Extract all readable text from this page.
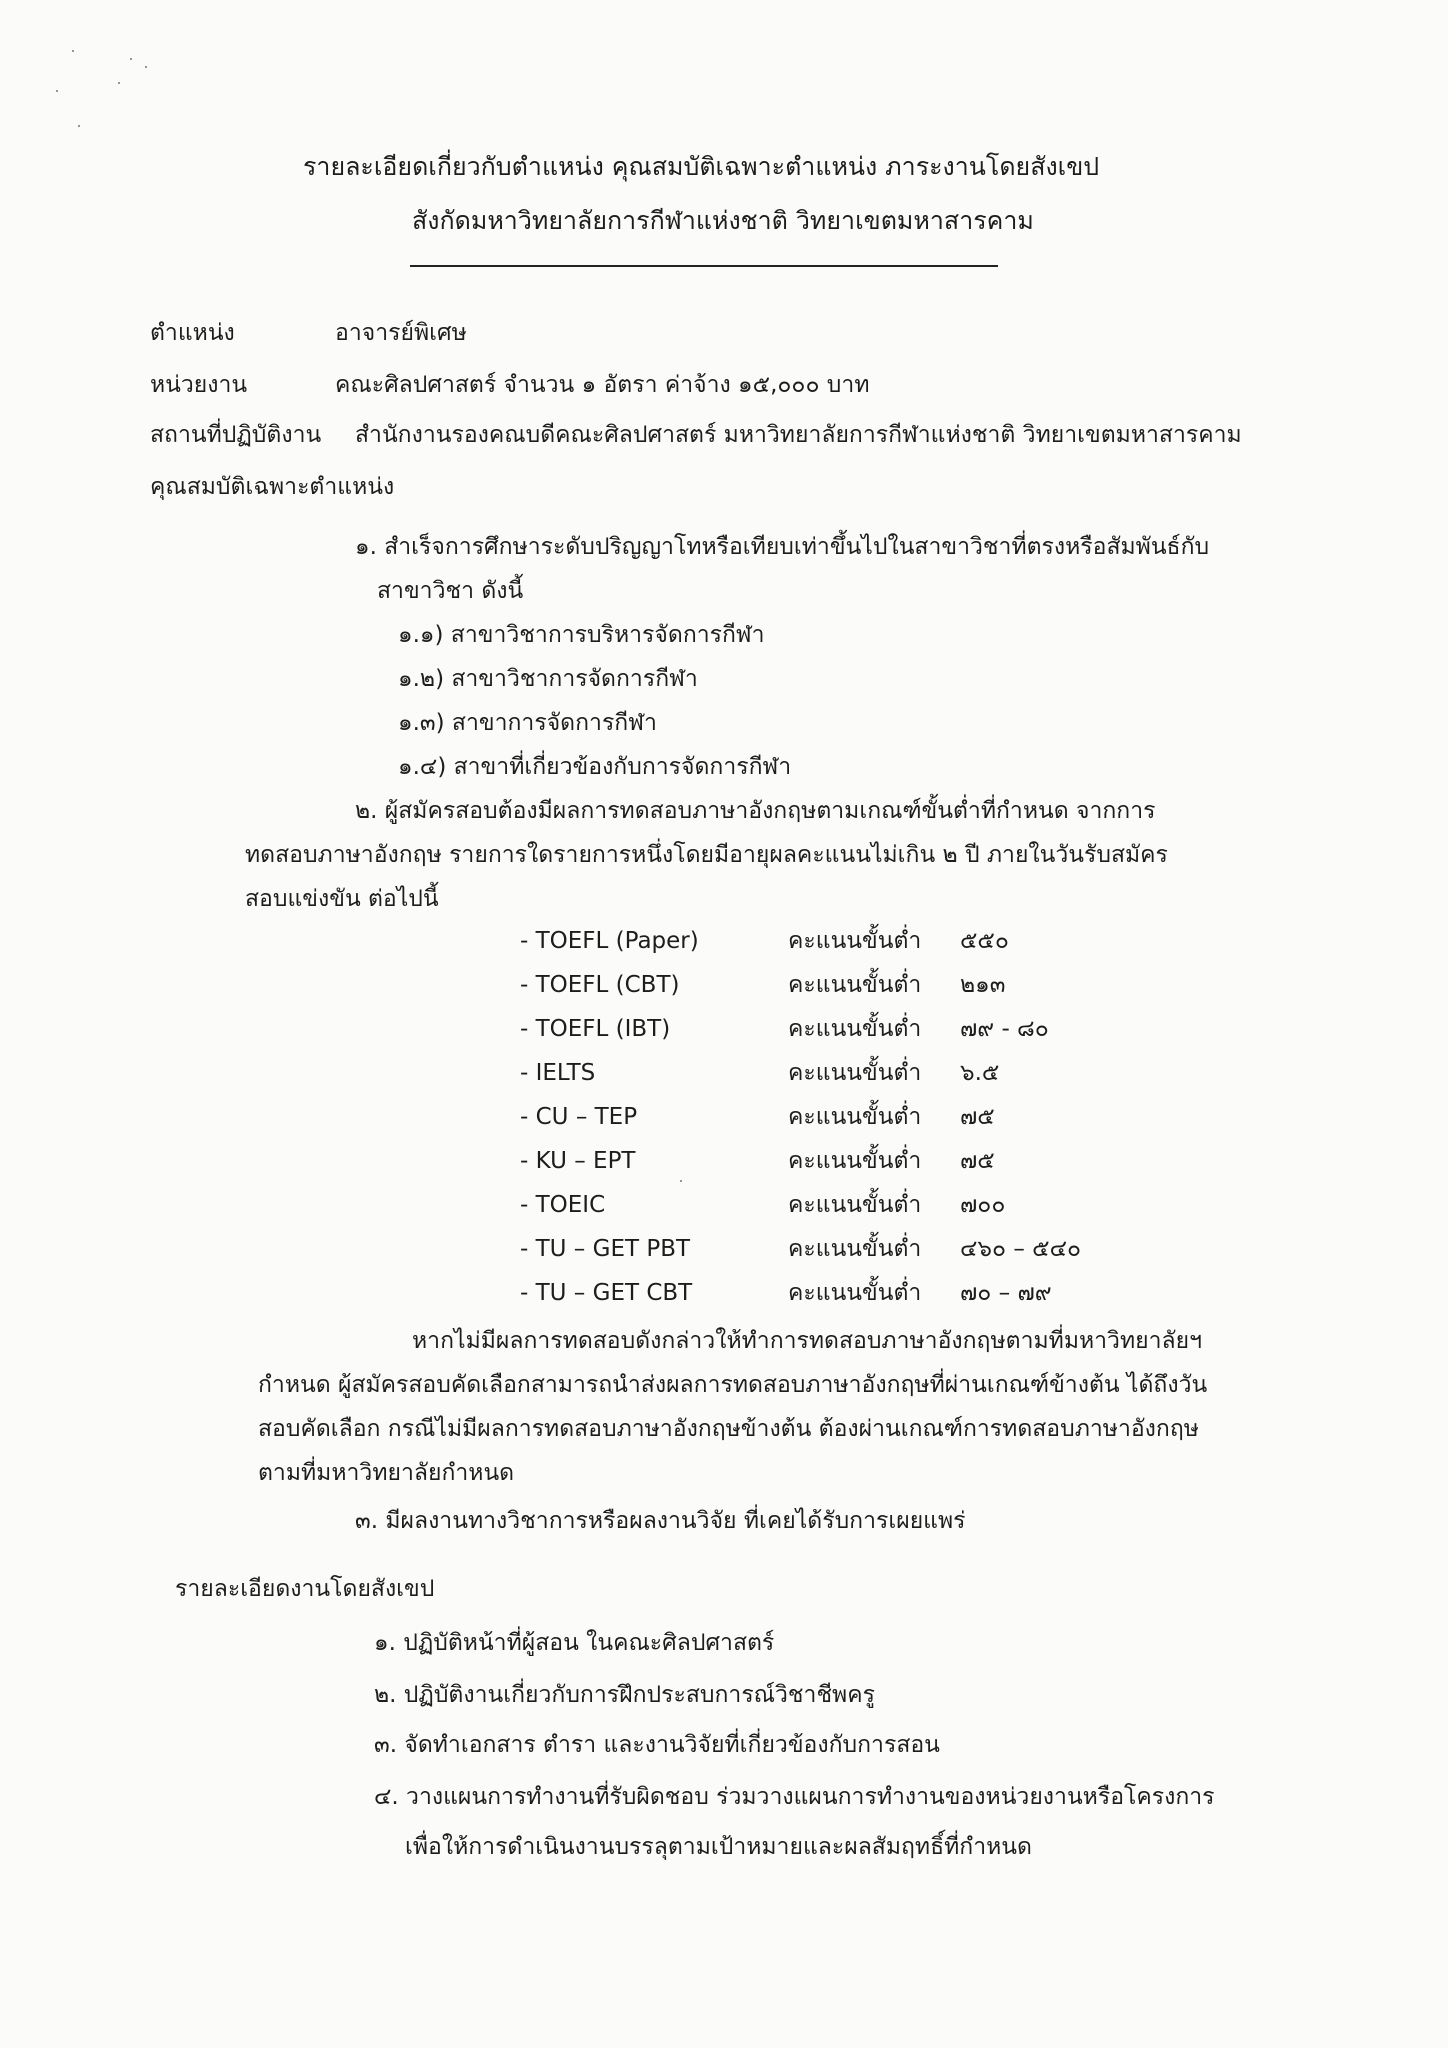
รายละเอียดเกี่ยวกับตำแหน่ง คุณสมบัติเฉพาะตำแหน่ง ภาระงานโดยสังเขป
สังกัดมหาวิทยาลัยการกีฬาแห่งชาติ วิทยาเขตมหาสารคาม
ตำแหน่ง	อาจารย์พิเศษ
หน่วยงาน	คณะศิลปศาสตร์ จำนวน ๑ อัตรา ค่าจ้าง ๑๕,๐๐๐ บาท
สถานที่ปฏิบัติงาน สำนักงานรองคณบดีคณะศิลปศาสตร์ มหาวิทยาลัยการกีฬาแห่งชาติ วิทยาเขตมหาสารคาม
คุณสมบัติเฉพาะตำแหน่ง
๑. สำเร็จการศึกษาระดับปริญญาโทหรือเทียบเท่าขึ้นไปในสาขาวิชาที่ตรงหรือสัมพันธ์กับ
สาขาวิชา ดังนี้
๑.๑) สาขาวิชาการบริหารจัดการกีฬา
๑.๒) สาขาวิชาการจัดการกีฬา
๑.๓) สาขาการจัดการกีฬา
๑.๔) สาขาที่เกี่ยวข้องกับการจัดการกีฬา
๒. ผู้สมัครสอบต้องมีผลการทดสอบภาษาอังกฤษตามเกณฑ์ขั้นต่ำที่กำหนด จากการ
ทดสอบภาษาอังกฤษ รายการใดรายการหนึ่งโดยมีอายุผลคะแนนไม่เกิน ๒ ปี ภายในวันรับสมัคร
สอบแข่งขัน ต่อไปนี้
- TOEFL (Paper)	คะแนนขั้นต่ำ ๕๕๐
- TOEFL (CBT)	คะแนนขั้นต่ำ ๒๑๓
- TOEFL (IBT)	คะแนนขั้นต่ำ ๗๙ - ๘๐
- IELTS	คะแนนขั้นต่ำ ๖.๕
- CU – TEP	คะแนนขั้นต่ำ ๗๕
- KU – EPT	คะแนนขั้นต่ำ ๗๕
- TOEIC	คะแนนขั้นต่ำ ๗๐๐
- TU – GET PBT	คะแนนขั้นต่ำ ๔๖๐ – ๕๔๐
- TU – GET CBT	คะแนนขั้นต่ำ ๗๐ – ๗๙
หากไม่มีผลการทดสอบดังกล่าวให้ทำการทดสอบภาษาอังกฤษตามที่มหาวิทยาลัยฯ
กำหนด ผู้สมัครสอบคัดเลือกสามารถนำส่งผลการทดสอบภาษาอังกฤษที่ผ่านเกณฑ์ข้างต้น ได้ถึงวัน
สอบคัดเลือก กรณีไม่มีผลการทดสอบภาษาอังกฤษข้างต้น ต้องผ่านเกณฑ์การทดสอบภาษาอังกฤษ
ตามที่มหาวิทยาลัยกำหนด
๓. มีผลงานทางวิชาการหรือผลงานวิจัย ที่เคยได้รับการเผยแพร่
รายละเอียดงานโดยสังเขป
๑. ปฏิบัติหน้าที่ผู้สอน ในคณะศิลปศาสตร์
๒. ปฏิบัติงานเกี่ยวกับการฝึกประสบการณ์วิชาชีพครู
๓. จัดทำเอกสาร ตำรา และงานวิจัยที่เกี่ยวข้องกับการสอน
๔. วางแผนการทำงานที่รับผิดชอบ ร่วมวางแผนการทำงานของหน่วยงานหรือโครงการ
เพื่อให้การดำเนินงานบรรลุตามเป้าหมายและผลสัมฤทธิ์ที่กำหนด
